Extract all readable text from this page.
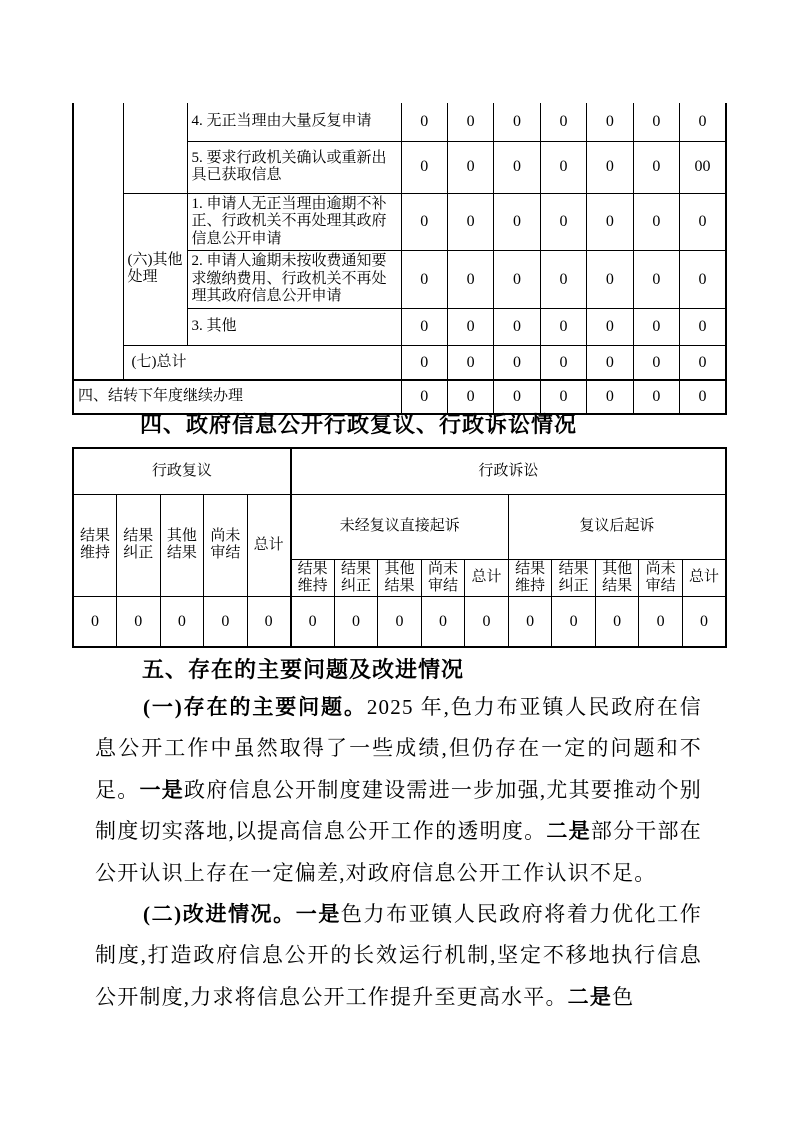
		4. 无正当理由大量反复申请	0	0	0	0	0	0	0
		5. 要求行政机关确认或重新出具已获取信息	0	0	0	0	0	0	00
	(六)其他处理	1. 申请人无正当理由逾期不补正、行政机关不再处理其政府信息公开申请	0	0	0	0	0	0	0
		2. 申请人逾期未按收费通知要求缴纳费用、行政机关不再处理其政府信息公开申请	0	0	0	0	0	0	0
		3. 其他	0	0	0	0	0	0	0
	(七)总计		0	0	0	0	0	0	0
四、结转下年度继续办理			0	0	0	0	0	0	0
四、政府信息公开行政复议、行政诉讼情况
行政复议					行政诉讼									
结果维持	结果纠正	其他结果	尚未审结	总计	未经复议直接起诉					复议后起诉				
					结果维持	结果纠正	其他结果	尚未审结	总计	结果维持	结果纠正	其他结果	尚未审结	总计
0	0	0	0	0	0	0	0	0	0	0	0	0	0	0
五、存在的主要问题及改进情况

(一)存在的主要问题。2025 年,色力布亚镇人民政府在信息公开工作中虽然取得了一些成绩,但仍存在一定的问题和不足。一是政府信息公开制度建设需进一步加强,尤其要推动个别制度切实落地,以提高信息公开工作的透明度。二是部分干部在公开认识上存在一定偏差,对政府信息公开工作认识不足。

(二)改进情况。一是色力布亚镇人民政府将着力优化工作制度,打造政府信息公开的长效运行机制,坚定不移地执行信息公开制度,力求将信息公开工作提升至更高水平。二是色
